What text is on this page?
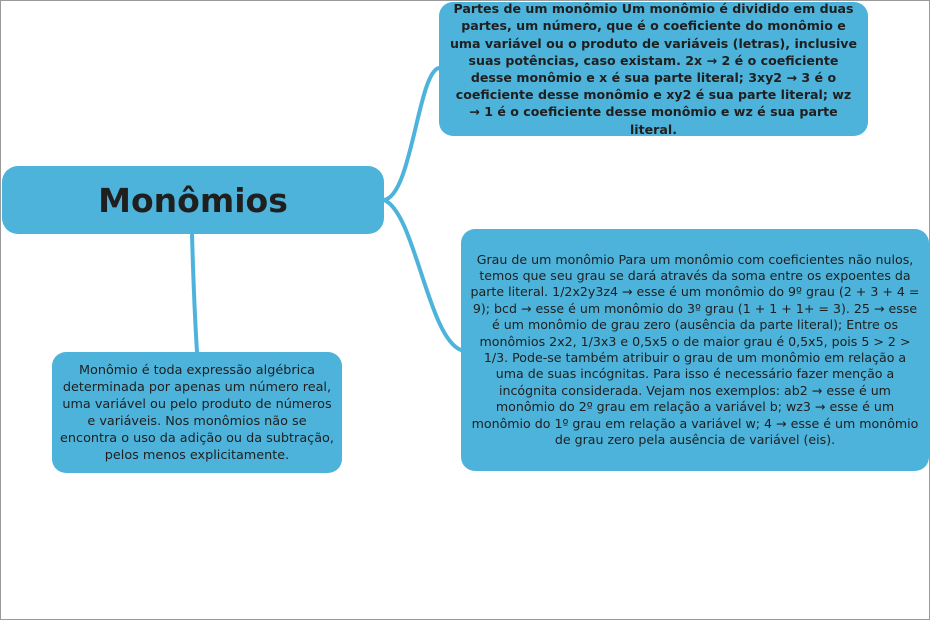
Monômios
Partes de um monômio Um monômio é dividido em duas partes, um número, que é o coeficiente do monômio e uma variável ou o produto de variáveis (letras), inclusive suas potências, caso existam. 2x → 2 é o coeficiente desse monômio e x é sua parte literal; 3xy2 → 3 é o coeficiente desse monômio e xy2 é sua parte literal; wz → 1 é o coeficiente desse monômio e wz é sua parte literal.
Grau de um monômio Para um monômio com coeficientes não nulos, temos que seu grau se dará através da soma entre os expoentes da parte literal. 1/2x2y3z4 → esse é um monômio do 9º grau (2 + 3 + 4 = 9); bcd → esse é um monômio do 3º grau (1 + 1 + 1+ = 3). 25 → esse é um monômio de grau zero (ausência da parte literal); Entre os monômios 2x2, 1/3x3 e 0,5x5 o de maior grau é 0,5x5, pois 5 > 2 > 1/3. Pode-se também atribuir o grau de um monômio em relação a uma de suas incógnitas. Para isso é necessário fazer menção a incógnita considerada. Vejam nos exemplos: ab2 → esse é um monômio do 2º grau em relação a variável b; wz3 → esse é um monômio do 1º grau em relação a variável w; 4 → esse é um monômio de grau zero pela ausência de variável (eis).
Monômio é toda expressão algébrica determinada por apenas um número real, uma variável ou pelo produto de números e variáveis. Nos monômios não se encontra o uso da adição ou da subtração, pelos menos explicitamente.
